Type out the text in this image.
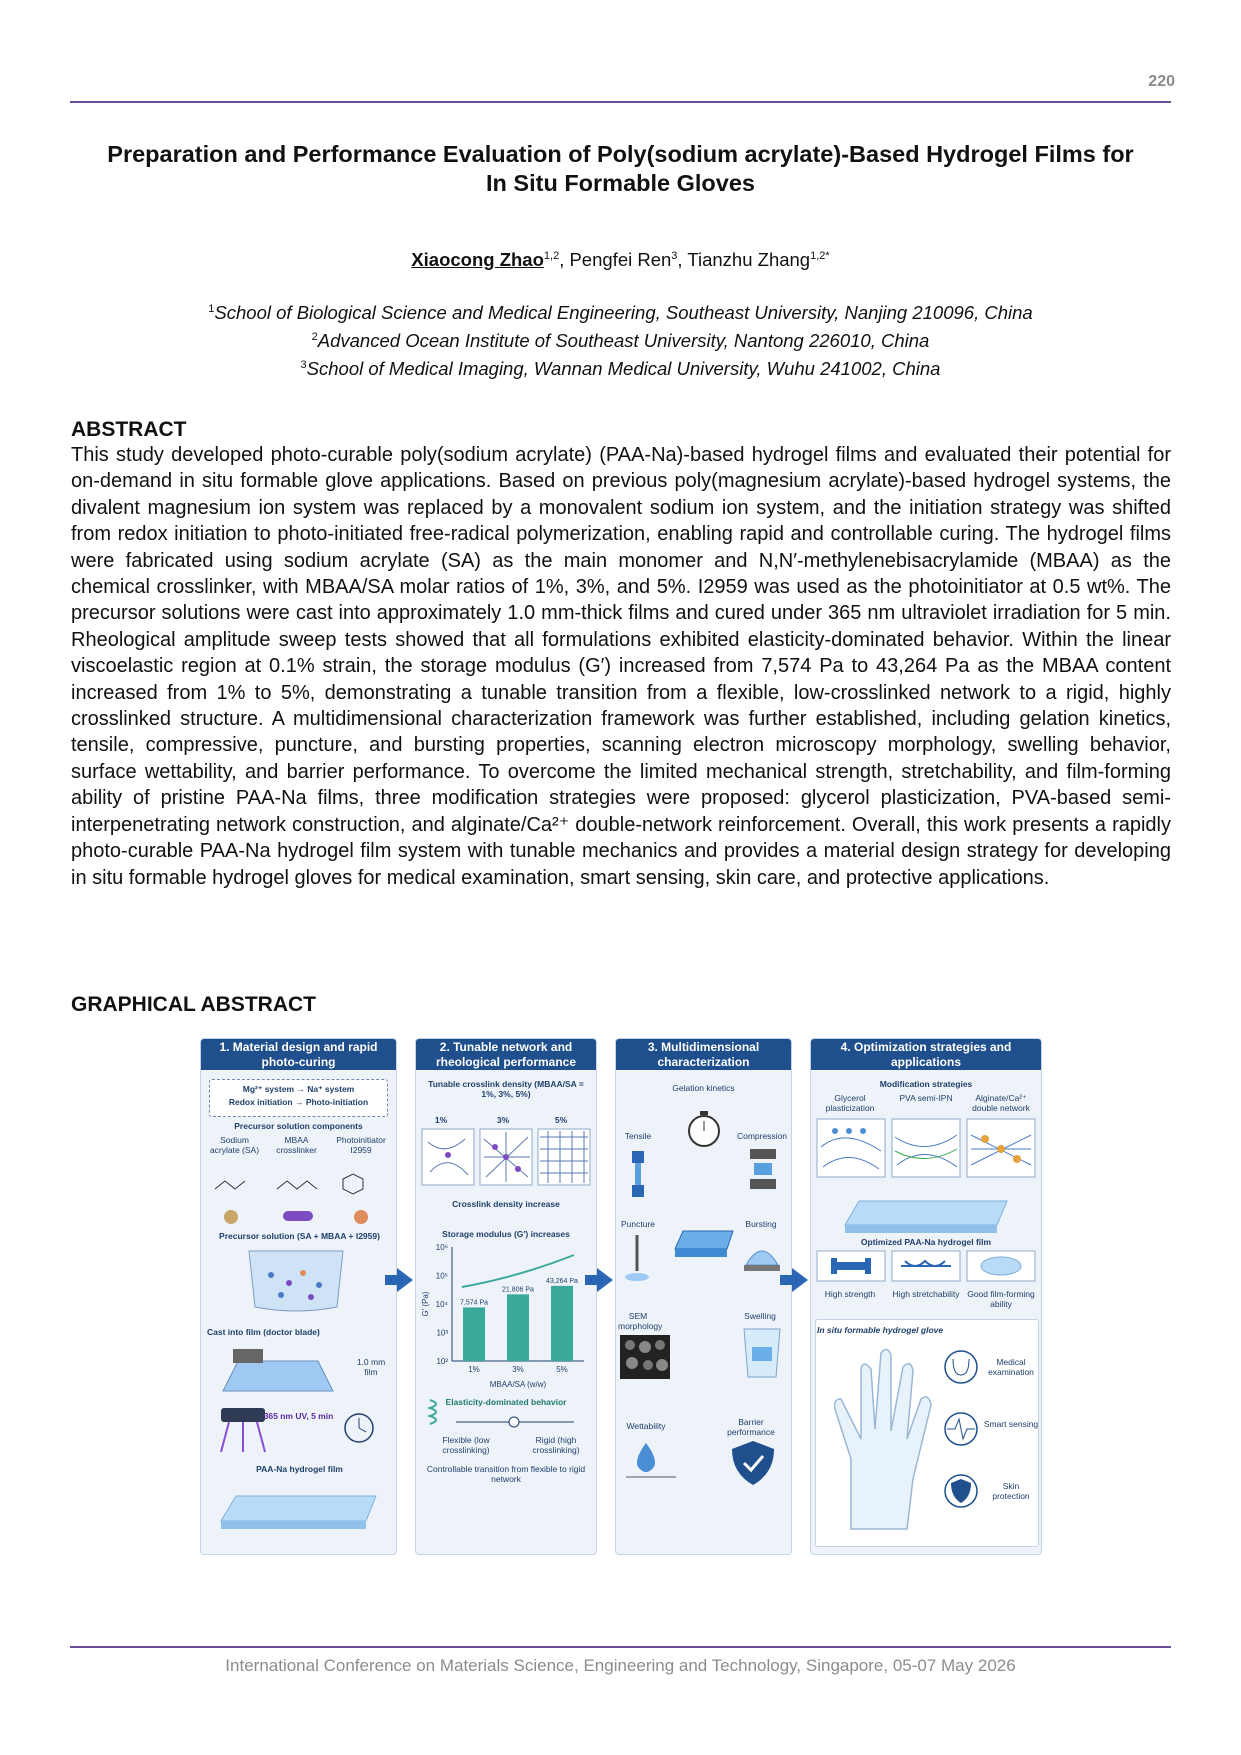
220
Preparation and Performance Evaluation of Poly(sodium acrylate)-Based Hydrogel Films for
In Situ Formable Gloves
Xiaocong Zhao$^{1,2}$, Pengfei Ren$^3$, Tianzhu Zhang$^{1,2*}$
$^1$School of Biological Science and Medical Engineering, Southeast University, Nanjing 210096, China
$^2$Advanced Ocean Institute of Southeast University, Nantong 226010, China
$^3$School of Medical Imaging, Wannan Medical University, Wuhu 241002, China
ABSTRACT
This study developed photo-curable poly(sodium acrylate) (PAA-Na)-based hydrogel films and evaluated their potential for on-demand in situ formable glove applications. Based on previous poly(magnesium acrylate)-based hydrogel systems, the divalent magnesium ion system was replaced by a monovalent sodium ion system, and the initiation strategy was shifted from redox initiation to photo-initiated free-radical polymerization, enabling rapid and controllable curing. The hydrogel films were fabricated using sodium acrylate (SA) as the main monomer and N,N′-methylenebisacrylamide (MBAA) as the chemical crosslinker, with MBAA/SA molar ratios of 1%, 3%, and 5%. I2959 was used as the photoinitiator at 0.5 wt%. The precursor solutions were cast into approximately 1.0 mm-thick films and cured under 365 nm ultraviolet irradiation for 5 min. Rheological amplitude sweep tests showed that all formulations exhibited elasticity-dominated behavior. Within the linear viscoelastic region at 0.1% strain, the storage modulus (G′) increased from 7,574 Pa to 43,264 Pa as the MBAA content increased from 1% to 5%, demonstrating a tunable transition from a flexible, low-crosslinked network to a rigid, highly crosslinked structure. A multidimensional characterization framework was further established, including gelation kinetics, tensile, compressive, puncture, and bursting properties, scanning electron microscopy morphology, swelling behavior, surface wettability, and barrier performance. To overcome the limited mechanical strength, stretchability, and film-forming ability of pristine PAA-Na films, three modification strategies were proposed: glycerol plasticization, PVA-based semi-interpenetrating network construction, and alginate/Ca²⁺ double-network reinforcement. Overall, this work presents a rapidly photo-curable PAA-Na hydrogel film system with tunable mechanics and provides a material design strategy for developing in situ formable hydrogel gloves for medical examination, smart sensing, skin care, and protective applications.
GRAPHICAL ABSTRACT
1. Material design and rapid photo-curing
Mg²⁺ system → Na⁺ system
Redox initiation → Photo-initiation
Precursor solution components
Sodium acrylate (SA)
MBAA crosslinker
Photoinitiator I2959
Precursor solution (SA + MBAA + I2959)
Cast into film (doctor blade)
1.0 mm film
365 nm UV, 5 min
PAA-Na hydrogel film
2. Tunable network and rheological performance
Tunable crosslink density (MBAA/SA = 1%, 3%, 5%)
1%	3%	5%
Crosslink density increase
Storage modulus (G′) increases
10²
10³
10⁴
10⁵
10⁶
G′ (Pa)	7,574 Pa
1%
21,806 Pa
3%
43,264 Pa
5%
MBAA/SA (w/w)
Elasticity-dominated behavior
Flexible (low crosslinking)
Rigid (high crosslinking)
Controllable transition from flexible to rigid network
3. Multidimensional characterization
Gelation kinetics
Tensile	Compression
Puncture	Bursting
SEM morphology
Swelling
Wettability	Barrier performance
4. Optimization strategies and applications
Modification strategies
Glycerol plasticization
PVA semi-IPN	Alginate/Ca²⁺ double network
Optimized PAA-Na hydrogel film
High strength	High stretchability Good film-forming ability
In situ formable hydrogel glove
Medical examination
Smart sensing
Skin protection
International Conference on Materials Science, Engineering and Technology, Singapore, 05-07 May 2026
